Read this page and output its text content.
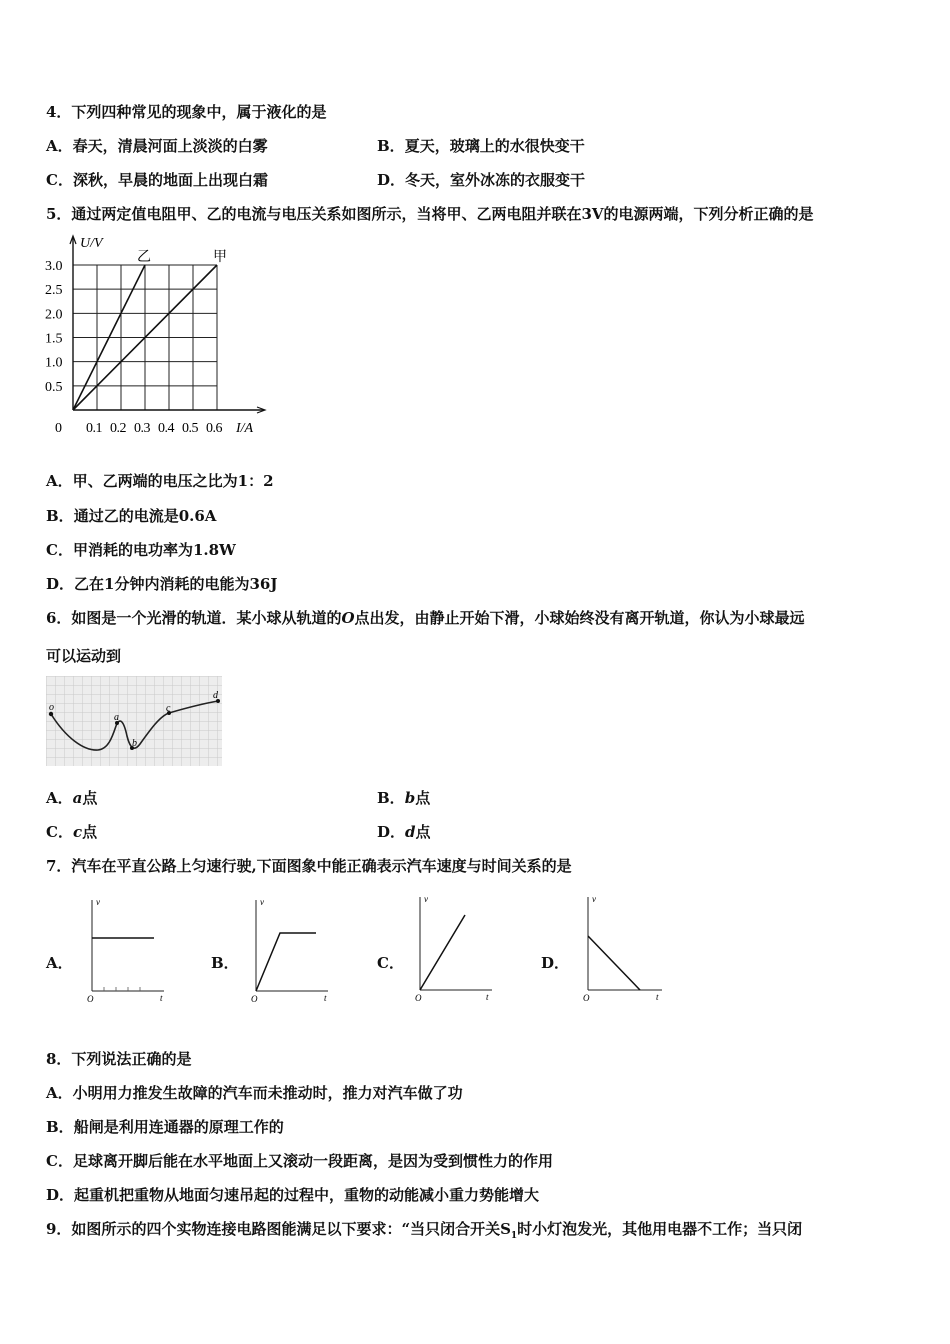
4．下列四种常见的现象中，属于液化的是
A．春天，清晨河面上淡淡的白雾	B．夏天，玻璃上的水很快变干
C．深秋，早晨的地面上出现白霜	D．冬天，室外冰冻的衣服变干
5．通过两定值电阻甲、乙的电流与电压关系如图所示，当将甲、乙两电阻并联在3V的电源两端，下列分析正确的是
乙	甲
0.5
1.0
1.5
2.0
2.5
3.0
0.1 0.2 0.3 0.4 0.5 0.6
0
U/V
I/A
A．甲、乙两端的电压之比为1：2
B．通过乙的电流是0.6A
C．甲消耗的电功率为1.8W
D．乙在1分钟内消耗的电能为36J
6．如图是一个光滑的轨道．某小球从轨道的O点出发，由静止开始下滑，小球始终没有离开轨道，你认为小球最远
可以运动到
o
a
b
c
d
A．a点	B．b点
C．c点	D．d点
7．汽车在平直公路上匀速行驶,下面图象中能正确表示汽车速度与时间关系的是
A．
v
t
O
B．
v
t
O
C．
v
t
O
D．
v
t
O
8．下列说法正确的是
A．小明用力推发生故障的汽车而未推动时，推力对汽车做了功
B．船闸是利用连通器的原理工作的
C．足球离开脚后能在水平地面上又滚动一段距离，是因为受到惯性力的作用
D．起重机把重物从地面匀速吊起的过程中，重物的动能减小重力势能增大
9．如图所示的四个实物连接电路图能满足以下要求：“当只闭合开关$S_1$时小灯泡发光，其他用电器不工作；当只闭
